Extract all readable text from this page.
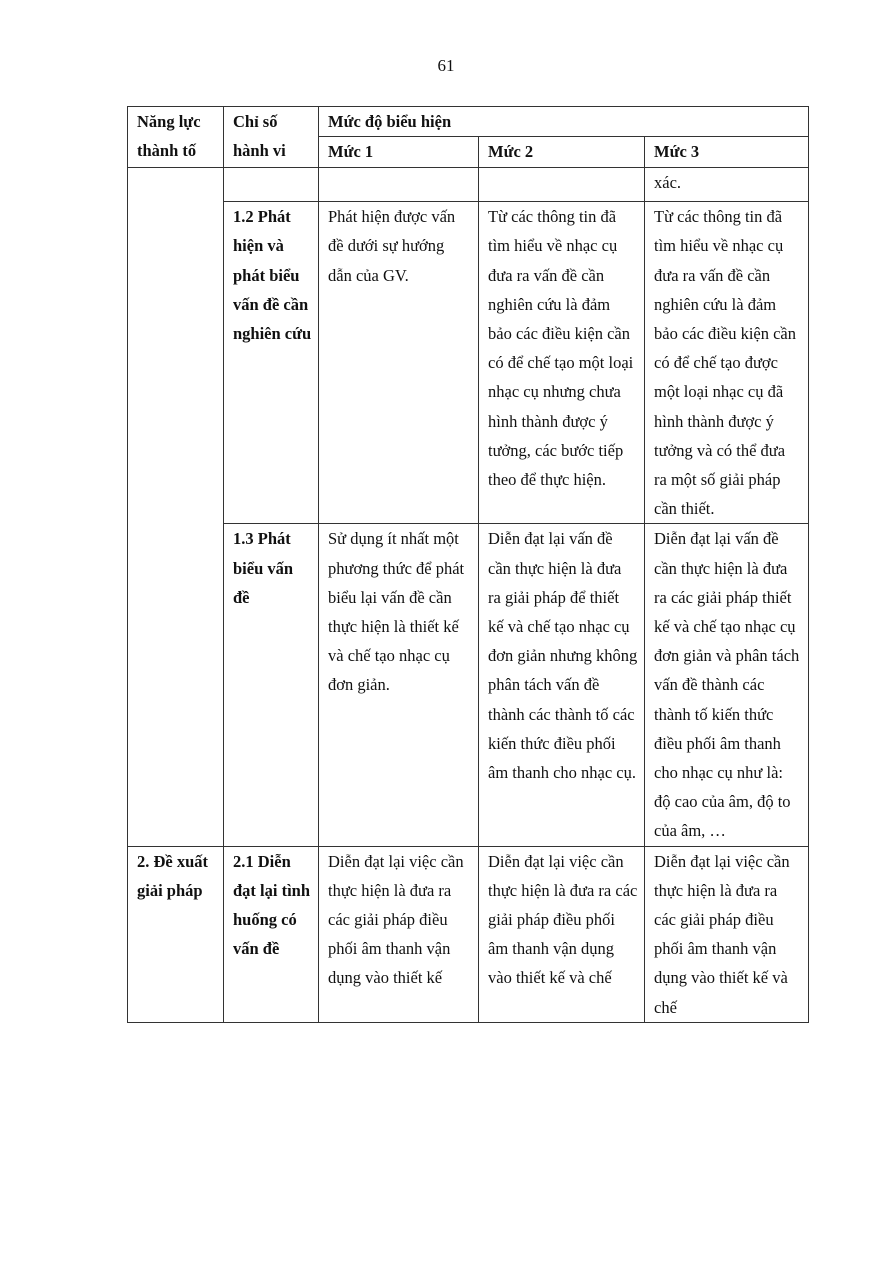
61
Năng lực thành tố	Chỉ số hành vi	Mức độ biểu hiện		
		Mức 1	Mức 2	Mức 3
				xác.
	1.2 Phát hiện và phát biểu vấn đề cần nghiên cứu	Phát hiện được vấn đề dưới sự hướng dẫn của GV.	Từ các thông tin đã tìm hiểu về nhạc cụ đưa ra vấn đề cần nghiên cứu là đảm bảo các điều kiện cần có để chế tạo một loại nhạc cụ nhưng chưa hình thành được ý tưởng, các bước tiếp theo để thực hiện.	Từ các thông tin đã tìm hiểu về nhạc cụ đưa ra vấn đề cần nghiên cứu là đảm bảo các điều kiện cần có để chế tạo được một loại nhạc cụ đã hình thành được ý tưởng và có thể đưa ra một số giải pháp cần thiết.
	1.3 Phát biểu vấn đề	Sử dụng ít nhất một phương thức để phát biểu lại vấn đề cần thực hiện là thiết kế và chế tạo nhạc cụ đơn giản.	Diễn đạt lại vấn đề cần thực hiện là đưa ra giải pháp để thiết kế và chế tạo nhạc cụ đơn giản nhưng không phân tách vấn đề thành các thành tố các kiến thức điều phối âm thanh cho nhạc cụ.	Diễn đạt lại vấn đề cần thực hiện là đưa ra các giải pháp thiết kế và chế tạo nhạc cụ đơn giản và phân tách vấn đề thành các thành tố kiến thức điều phối âm thanh cho nhạc cụ như là: độ cao của âm, độ to của âm, …
2. Đề xuất giải pháp	2.1 Diễn đạt lại tình huống có vấn đề	Diễn đạt lại việc cần thực hiện là đưa ra các giải pháp điều phối âm thanh vận dụng vào thiết kế	Diễn đạt lại việc cần thực hiện là đưa ra các giải pháp điều phối âm thanh vận dụng vào thiết kế và chế	Diễn đạt lại việc cần thực hiện là đưa ra các giải pháp điều phối âm thanh vận dụng vào thiết kế và chế
